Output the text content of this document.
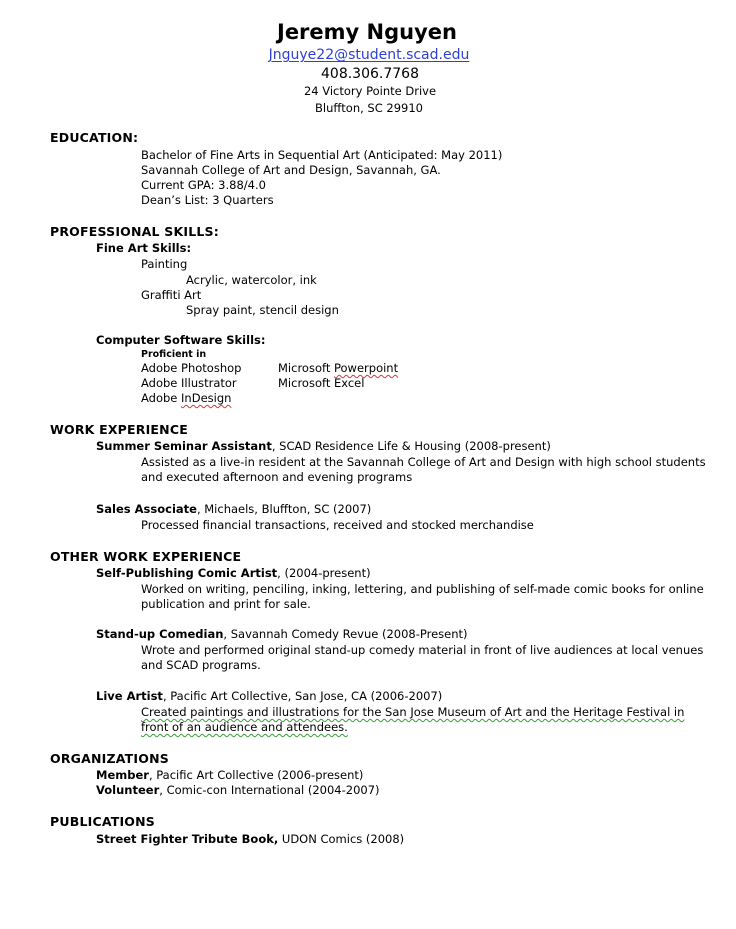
Jeremy Nguyen
Jnguye22@student.scad.edu
408.306.7768
24 Victory Pointe Drive
Bluffton, SC 29910
EDUCATION:
Bachelor of Fine Arts in Sequential Art (Anticipated: May 2011)
Savannah College of Art and Design, Savannah, GA.
Current GPA: 3.88/4.0
Dean’s List: 3 Quarters
PROFESSIONAL SKILLS:
Fine Art Skills:
Painting
Acrylic, watercolor, ink
Graffiti Art
Spray paint, stencil design
Computer Software Skills:
Proficient in
Adobe Photoshop
Adobe Illustrator
Adobe InDesign
Microsoft Powerpoint
Microsoft Excel
WORK EXPERIENCE
Summer Seminar Assistant, SCAD Residence Life & Housing (2008-present)
Assisted as a live-in resident at the Savannah College of Art and Design with high school students
and executed afternoon and evening programs
Sales Associate, Michaels, Bluffton, SC (2007)
Processed financial transactions, received and stocked merchandise
OTHER WORK EXPERIENCE
Self-Publishing Comic Artist, (2004-present)
Worked on writing, penciling, inking, lettering, and publishing of self-made comic books for online
publication and print for sale.
Stand-up Comedian, Savannah Comedy Revue (2008-Present)
Wrote and performed original stand-up comedy material in front of live audiences at local venues
and SCAD programs.
Live Artist, Pacific Art Collective, San Jose, CA (2006-2007)
Created paintings and illustrations for the San Jose Museum of Art and the Heritage Festival in
front of an audience and attendees.
ORGANIZATIONS
Member, Pacific Art Collective (2006-present)
Volunteer, Comic-con International (2004-2007)
PUBLICATIONS
Street Fighter Tribute Book, UDON Comics (2008)
